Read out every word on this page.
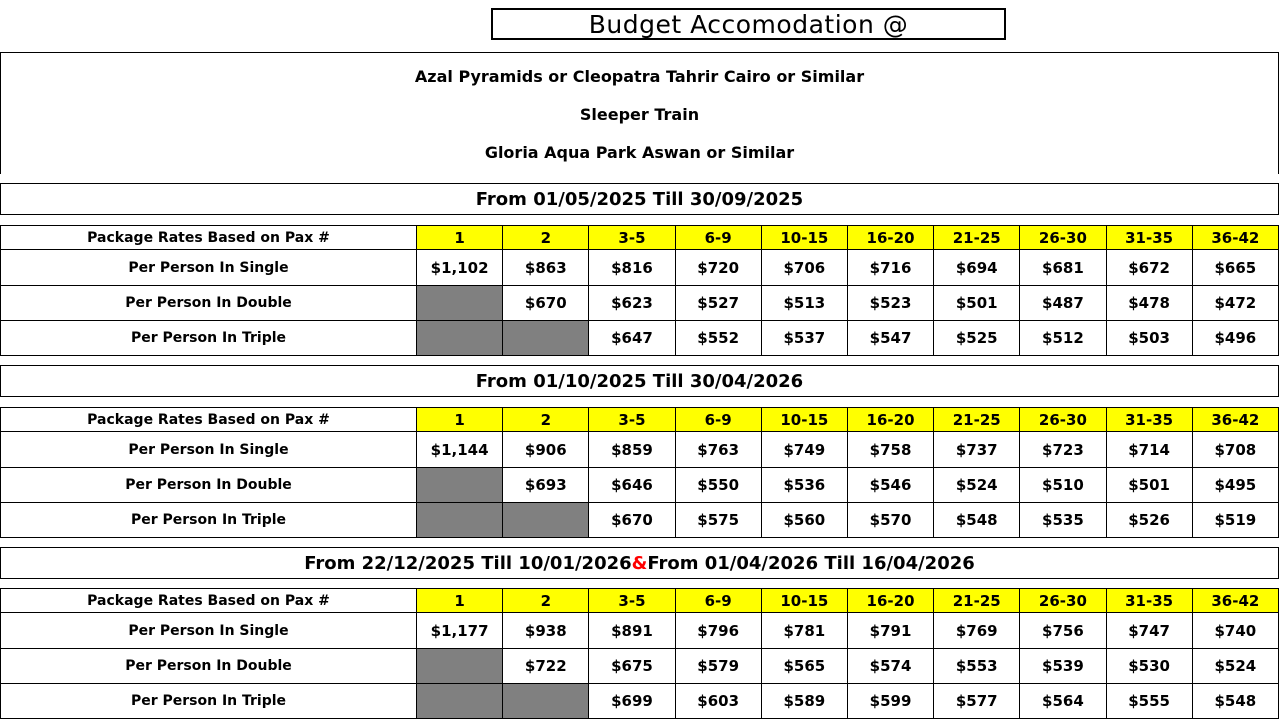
Budget Accomodation @
Azal Pyramids or Cleopatra Tahrir Cairo or Similar
Sleeper Train
Gloria Aqua Park Aswan or Similar
From 01/05/2025 Till 30/09/2025
Package Rates Based on Pax #	1	2	3-5	6-9	10-15	16-20	21-25	26-30	31-35	36-42
Per Person In Single	$1,102	$863	$816	$720	$706	$716	$694	$681	$672	$665
Per Person In Double		$670	$623	$527	$513	$523	$501	$487	$478	$472
Per Person In Triple			$647	$552	$537	$547	$525	$512	$503	$496
From 01/10/2025 Till 30/04/2026
Package Rates Based on Pax #	1	2	3-5	6-9	10-15	16-20	21-25	26-30	31-35	36-42
Per Person In Single	$1,144	$906	$859	$763	$749	$758	$737	$723	$714	$708
Per Person In Double		$693	$646	$550	$536	$546	$524	$510	$501	$495
Per Person In Triple			$670	$575	$560	$570	$548	$535	$526	$519
From 22/12/2025 Till 10/01/2026 & From 01/04/2026 Till 16/04/2026
Package Rates Based on Pax #	1	2	3-5	6-9	10-15	16-20	21-25	26-30	31-35	36-42
Per Person In Single	$1,177	$938	$891	$796	$781	$791	$769	$756	$747	$740
Per Person In Double		$722	$675	$579	$565	$574	$553	$539	$530	$524
Per Person In Triple			$699	$603	$589	$599	$577	$564	$555	$548
